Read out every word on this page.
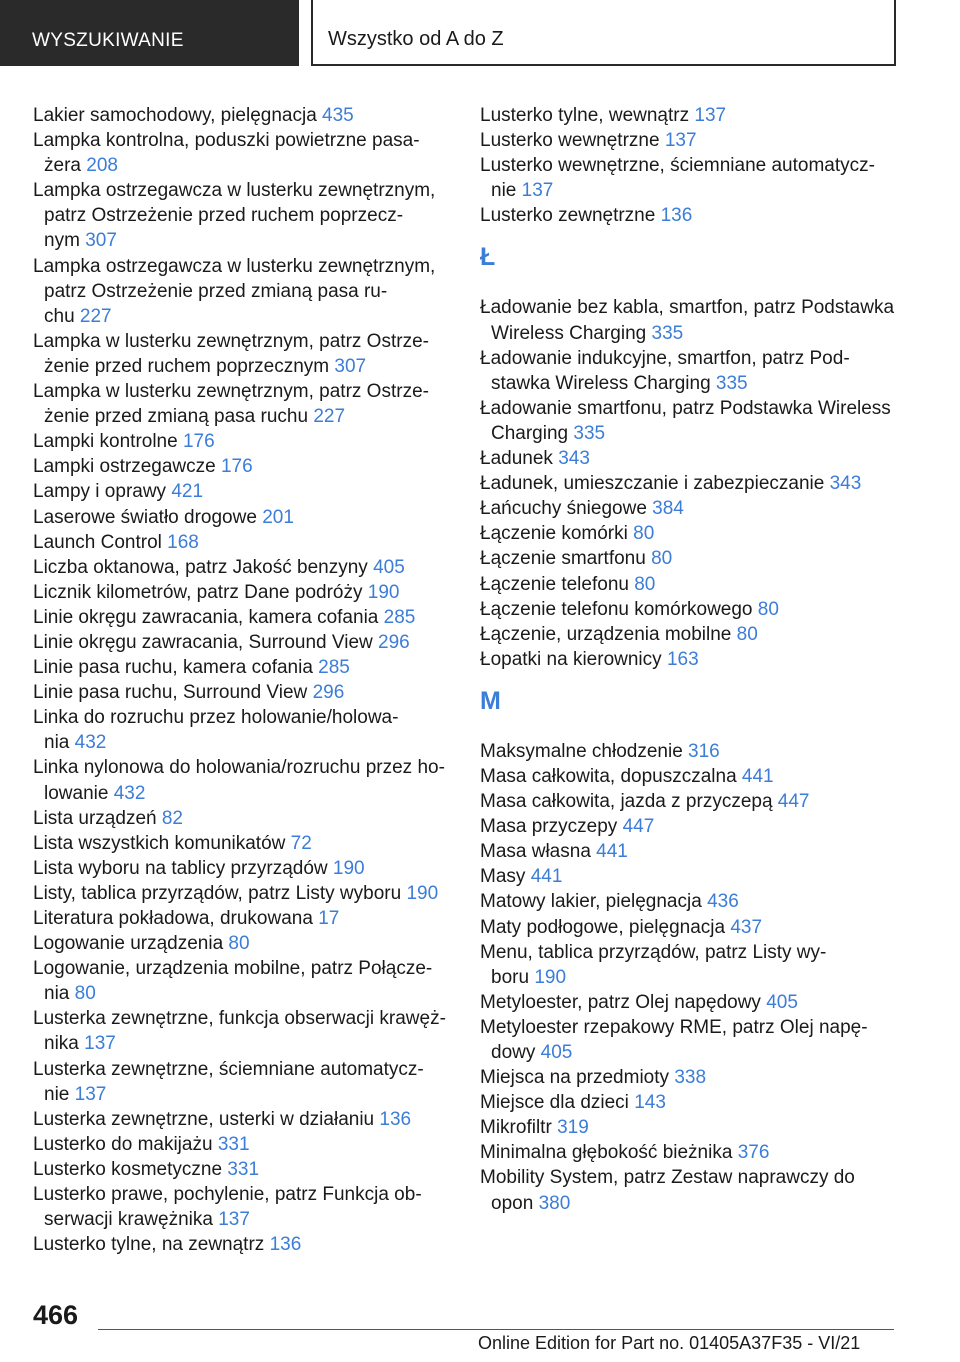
WYSZUKIWANIE	Wszystko od A do Z
Lakier samochodowy, pielęgnacja 435
Lampka kontrolna, poduszki powietrzne pasa-
żera 208
Lampka ostrzegawcza w lusterku zewnętrznym,
patrz Ostrzeżenie przed ruchem poprzecz-
nym 307
Lampka ostrzegawcza w lusterku zewnętrznym,
patrz Ostrzeżenie przed zmianą pasa ru-
chu 227
Lampka w lusterku zewnętrznym, patrz Ostrze-
żenie przed ruchem poprzecznym 307
Lampka w lusterku zewnętrznym, patrz Ostrze-
żenie przed zmianą pasa ruchu 227
Lampki kontrolne 176
Lampki ostrzegawcze 176
Lampy i oprawy 421
Laserowe światło drogowe 201
Launch Control 168
Liczba oktanowa, patrz Jakość benzyny 405
Licznik kilometrów, patrz Dane podróży 190
Linie okręgu zawracania, kamera cofania 285
Linie okręgu zawracania, Surround View 296
Linie pasa ruchu, kamera cofania 285
Linie pasa ruchu, Surround View 296
Linka do rozruchu przez holowanie/holowa-
nia 432
Linka nylonowa do holowania/rozruchu przez ho-
lowanie 432
Lista urządzeń 82
Lista wszystkich komunikatów 72
Lista wyboru na tablicy przyrządów 190
Listy, tablica przyrządów, patrz Listy wyboru 190
Literatura pokładowa, drukowana 17
Logowanie urządzenia 80
Logowanie, urządzenia mobilne, patrz Połącze-
nia 80
Lusterka zewnętrzne, funkcja obserwacji krawęż-
nika 137
Lusterka zewnętrzne, ściemniane automatycz-
nie 137
Lusterka zewnętrzne, usterki w działaniu 136
Lusterko do makijażu 331
Lusterko kosmetyczne 331
Lusterko prawe, pochylenie, patrz Funkcja ob-
serwacji krawężnika 137
Lusterko tylne, na zewnątrz 136
Lusterko tylne, wewnątrz 137
Lusterko wewnętrzne 137
Lusterko wewnętrzne, ściemniane automatycz-
nie 137
Lusterko zewnętrzne 136
Ł
Ładowanie bez kabla, smartfon, patrz Podstawka
Wireless Charging 335
Ładowanie indukcyjne, smartfon, patrz Pod-
stawka Wireless Charging 335
Ładowanie smartfonu, patrz Podstawka Wireless
Charging 335
Ładunek 343
Ładunek, umieszczanie i zabezpieczanie 343
Łańcuchy śniegowe 384
Łączenie komórki 80
Łączenie smartfonu 80
Łączenie telefonu 80
Łączenie telefonu komórkowego 80
Łączenie, urządzenia mobilne 80
Łopatki na kierownicy 163
M
Maksymalne chłodzenie 316
Masa całkowita, dopuszczalna 441
Masa całkowita, jazda z przyczepą 447
Masa przyczepy 447
Masa własna 441
Masy 441
Matowy lakier, pielęgnacja 436
Maty podłogowe, pielęgnacja 437
Menu, tablica przyrządów, patrz Listy wy-
boru 190
Metyloester, patrz Olej napędowy 405
Metyloester rzepakowy RME, patrz Olej napę-
dowy 405
Miejsca na przedmioty 338
Miejsce dla dzieci 143
Mikrofiltr 319
Minimalna głębokość bieżnika 376
Mobility System, patrz Zestaw naprawczy do
opon 380
466
Online Edition for Part no. 01405A37F35 - VI/21
